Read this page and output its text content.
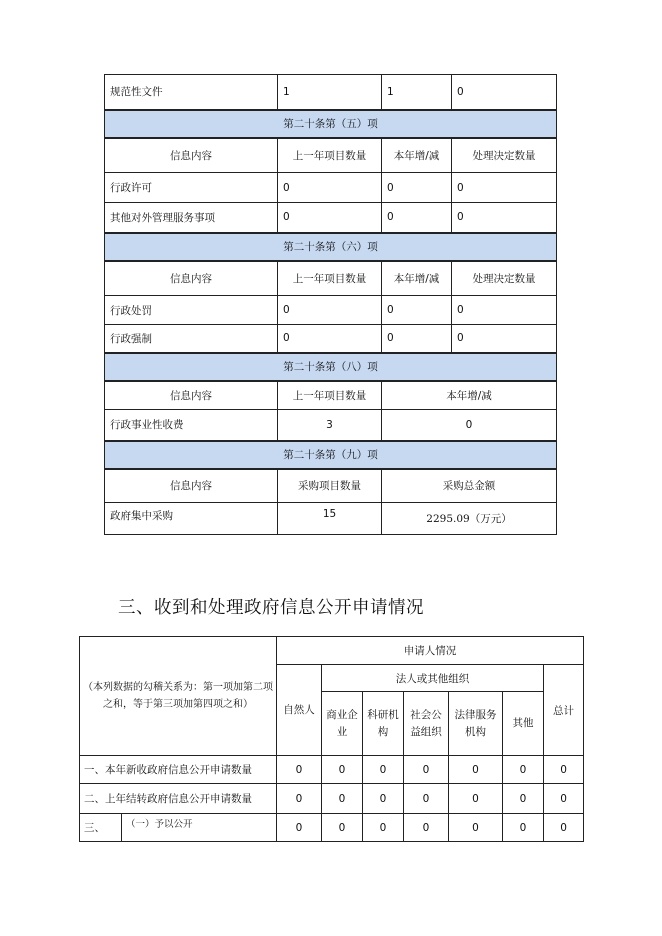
规范性文件	1	1	0
第二十条第（五）项			
信息内容	上一年项目数量	本年增/减	处理决定数量
行政许可	0	0	0
其他对外管理服务事项	0	0	0
第二十条第（六）项			
信息内容	上一年项目数量	本年增/减	处理决定数量
行政处罚	0	0	0
行政强制	0	0	0
第二十条第（八）项			
信息内容	上一年项目数量	本年增/减	
行政事业性收费	3	0	
第二十条第（九）项			
信息内容	采购项目数量	采购总金额	
政府集中采购	15	2295.09（万元）	
三、收到和处理政府信息公开申请情况
（本列数据的勾稽关系为：第一项加第二项之和，等于第三项加第四项之和）		申请人情况						
		自然人	法人或其他组织					总计
			商业企业	科研机构	社会公益组织	法律服务机构	其他	
一、本年新收政府信息公开申请数量		0	0	0	0	0	0	0
二、上年结转政府信息公开申请数量		0	0	0	0	0	0	0
三、	（一）予以公开	0	0	0	0	0	0	0
